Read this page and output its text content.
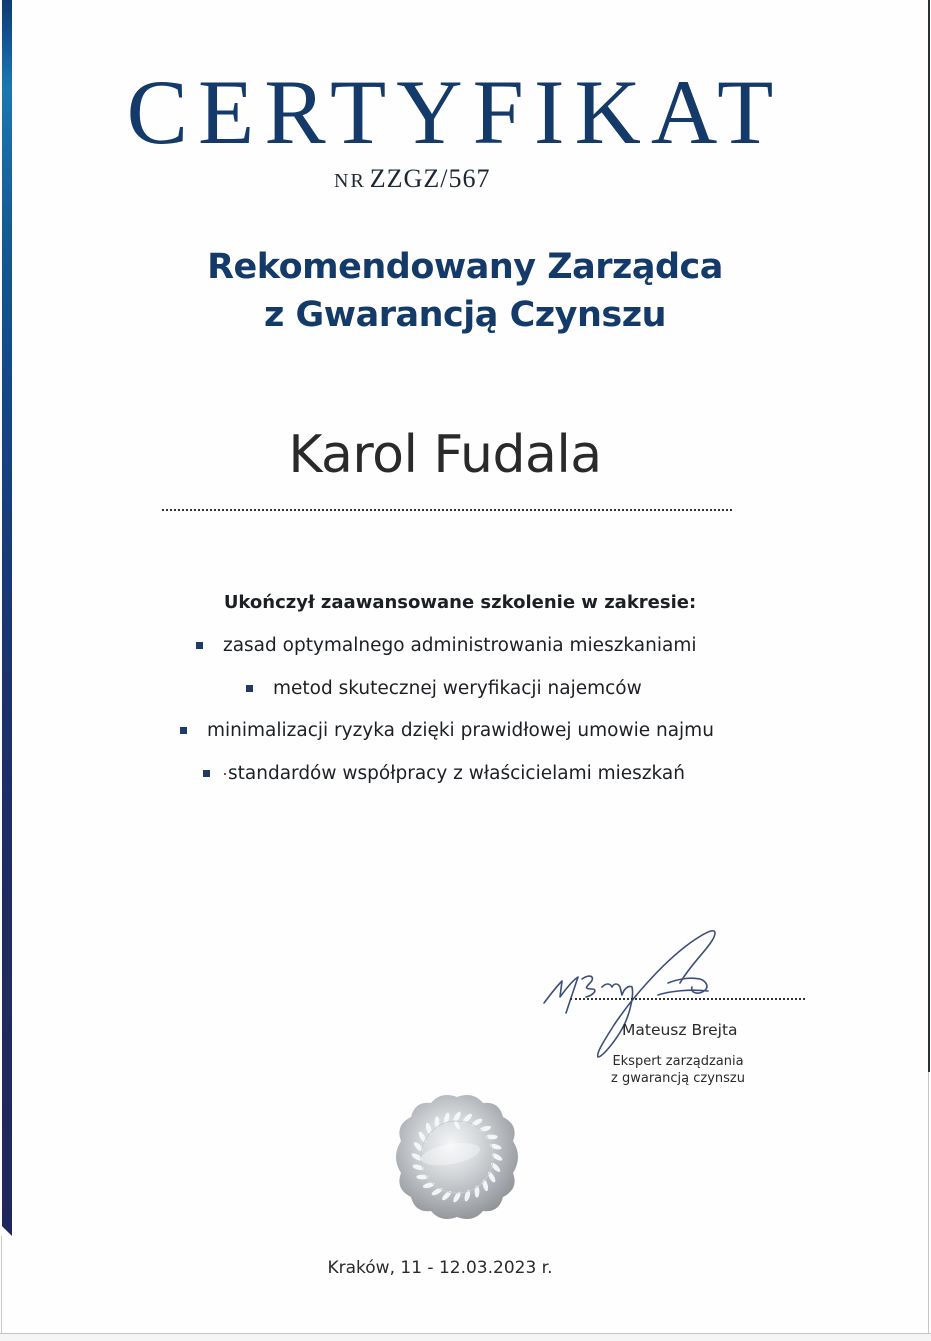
CERTYFIKAT
NR ZZGZ/567
Rekomendowany Zarządca
z Gwarancją Czynszu
Karol Fudala
Ukończył zaawansowane szkolenie w zakresie:
zasad optymalnego administrowania mieszkaniami
metod skutecznej weryfikacji najemców
minimalizacji ryzyka dzięki prawidłowej umowie najmu
standardów współpracy z właścicielami mieszkań
Mateusz Brejta
Ekspert zarządzania
z gwarancją czynszu
Kraków, 11 - 12.03.2023 r.
